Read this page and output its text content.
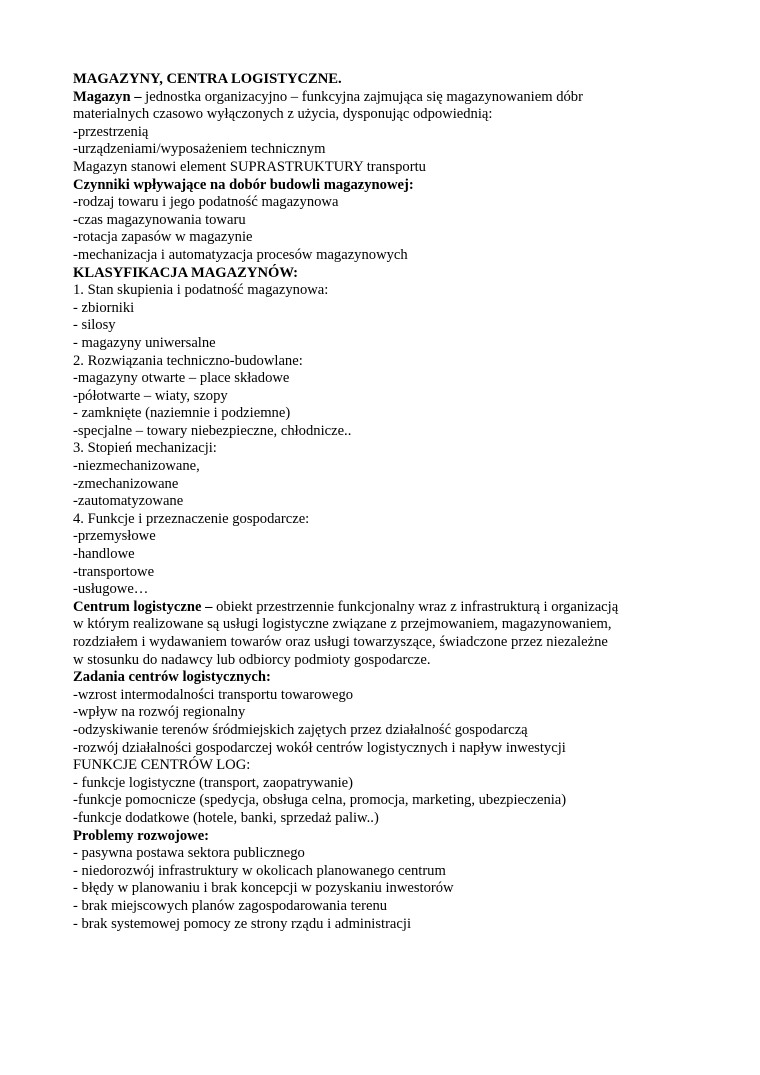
MAGAZYNY, CENTRA LOGISTYCZNE.
Magazyn – jednostka organizacyjno – funkcyjna zajmująca się magazynowaniem dóbr
materialnych czasowo wyłączonych z użycia, dysponując odpowiednią:
-przestrzenią
-urządzeniami/wyposażeniem technicznym
Magazyn stanowi element SUPRASTRUKTURY transportu
Czynniki wpływające na dobór budowli magazynowej:
-rodzaj towaru i jego podatność magazynowa
-czas magazynowania towaru
-rotacja zapasów w magazynie
-mechanizacja i automatyzacja procesów magazynowych
KLASYFIKACJA MAGAZYNÓW:
1. Stan skupienia i podatność magazynowa:
- zbiorniki
- silosy
- magazyny uniwersalne
2. Rozwiązania techniczno-budowlane:
-magazyny otwarte – place składowe
-półotwarte – wiaty, szopy
- zamknięte (naziemnie i podziemne)
-specjalne – towary niebezpieczne, chłodnicze..
3. Stopień mechanizacji:
-niezmechanizowane,
-zmechanizowane
-zautomatyzowane
4. Funkcje i przeznaczenie gospodarcze:
-przemysłowe
-handlowe
-transportowe
-usługowe…
Centrum logistyczne – obiekt przestrzennie funkcjonalny wraz z infrastrukturą i organizacją
w którym realizowane są usługi logistyczne związane z przejmowaniem, magazynowaniem,
rozdziałem i wydawaniem towarów oraz usługi towarzyszące, świadczone przez niezależne
w stosunku do nadawcy lub odbiorcy podmioty gospodarcze.
Zadania centrów logistycznych:
-wzrost intermodalności transportu towarowego
-wpływ na rozwój regionalny
-odzyskiwanie terenów śródmiejskich zajętych przez działalność gospodarczą
-rozwój działalności gospodarczej wokół centrów logistycznych i napływ inwestycji
FUNKCJE CENTRÓW LOG:
- funkcje logistyczne (transport, zaopatrywanie)
-funkcje pomocnicze (spedycja, obsługa celna, promocja, marketing, ubezpieczenia)
-funkcje dodatkowe (hotele, banki, sprzedaż paliw..)
Problemy rozwojowe:
- pasywna postawa sektora publicznego
- niedorozwój infrastruktury w okolicach planowanego centrum
- błędy w planowaniu i brak koncepcji w pozyskaniu inwestorów
- brak miejscowych planów zagospodarowania terenu
- brak systemowej pomocy ze strony rządu i administracji
